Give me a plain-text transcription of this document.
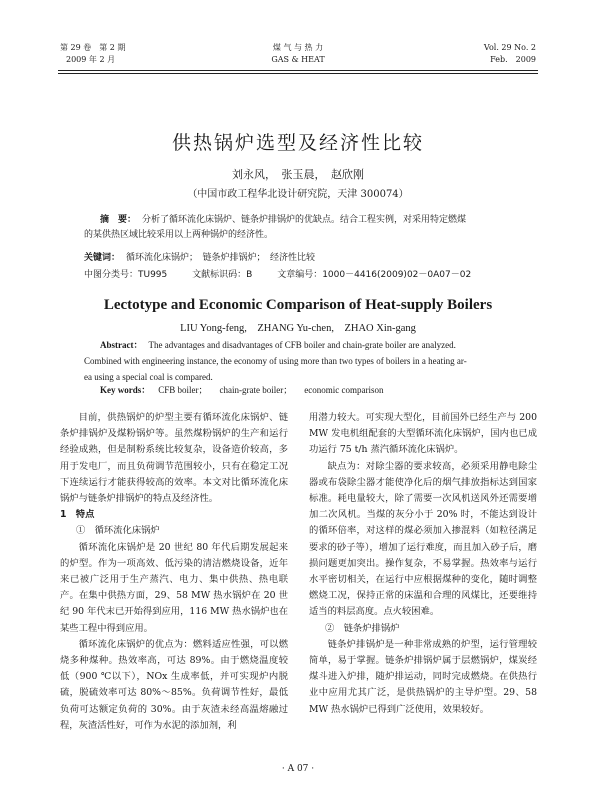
第 29 卷　第 2 期
2009 年 2 月
煤 气 与 热 力
GAS & HEAT
Vol. 29 No. 2
Feb.　2009
供热锅炉选型及经济性比较
刘永风，　张玉晨，　赵欣刚
（中国市政工程华北设计研究院，天津 300074）
摘　要： 分析了循环流化床锅炉、链条炉排锅炉的优缺点。结合工程实例，对采用特定燃煤
的某供热区域比较采用以上两种锅炉的经济性。
关键词： 循环流化床锅炉；　链条炉排锅炉；　经济性比较
中图分类号：TU995	文献标识码：B	文章编号：1000－4416(2009)02－0A07－02
Lectotype and Economic Comparison of Heat-supply Boilers
LIU Yong-feng,　ZHANG Yu-chen,　ZHAO Xin-gang
Abstract： The advantages and disadvantages of CFB boiler and chain-grate boiler are analyzed.
Combined with engineering instance, the economy of using more than two types of boilers in a heating ar-
ea using a special coal is compared.
Key words： CFB boiler； chain-grate boiler； economic comparison

目前，供热锅炉的炉型主要有循环流化床锅炉、链条炉排锅炉及煤粉锅炉等。虽然煤粉锅炉的生产和运行经验成熟，但是制粉系统比较复杂，设备造价较高，多用于发电厂，而且负荷调节范围较小，只有在稳定工况下连续运行才能获得较高的效率。本文对比循环流化床锅炉与链条炉排锅炉的特点及经济性。

1　特点

①　 循环流化床锅炉

循环流化床锅炉是 20 世纪 80 年代后期发展起来的炉型。作为一项高效、低污染的清洁燃烧设备，近年来已被广泛用于生产蒸汽、电力、集中供热、热电联产。在集中供热方面，29、58 MW 热水锅炉在 20 世纪 90 年代末已开始得到应用，116 MW 热水锅炉也在某些工程中得到应用。

循环流化床锅炉的优点为：燃料适应性强，可以燃烧多种煤种。热效率高，可达 89%。由于燃烧温度较低（900 ℃以下），NOx 生成率低，并可实现炉内脱硫，脱硫效率可达 80%～85%。负荷调节性好，最低负荷可达额定负荷的 30%。由于灰渣未经高温熔融过程，灰渣活性好，可作为水泥的添加剂，利

用潜力较大。可实现大型化，目前国外已经生产与 200 MW 发电机组配套的大型循环流化床锅炉，国内也已成功运行 75 t/h 蒸汽循环流化床锅炉。

缺点为：对除尘器的要求较高，必须采用静电除尘器或布袋除尘器才能使净化后的烟气排放指标达到国家标准。耗电量较大，除了需要一次风机送风外还需要增加二次风机。当煤的灰分小于 20% 时，不能达到设计的循环倍率，对这样的煤必须加入掺混料（如粒径满足要求的砂子等），增加了运行难度，而且加入砂子后，磨损问题更加突出。操作复杂，不易掌握。热效率与运行水平密切相关，在运行中应根据煤种的变化，随时调整燃烧工况，保持正常的床温和合理的风煤比，还要维持适当的料层高度。点火较困难。

②　 链条炉排锅炉

链条炉排锅炉是一种非常成熟的炉型，运行管理较简单，易于掌握。链条炉排锅炉属于层燃锅炉，煤炭经煤斗进入炉排，随炉排运动，同时完成燃烧。在供热行业中应用尤其广泛，是供热锅炉的主导炉型。29、58 MW 热水锅炉已得到广泛使用，效果较好。

· A 07 ·
